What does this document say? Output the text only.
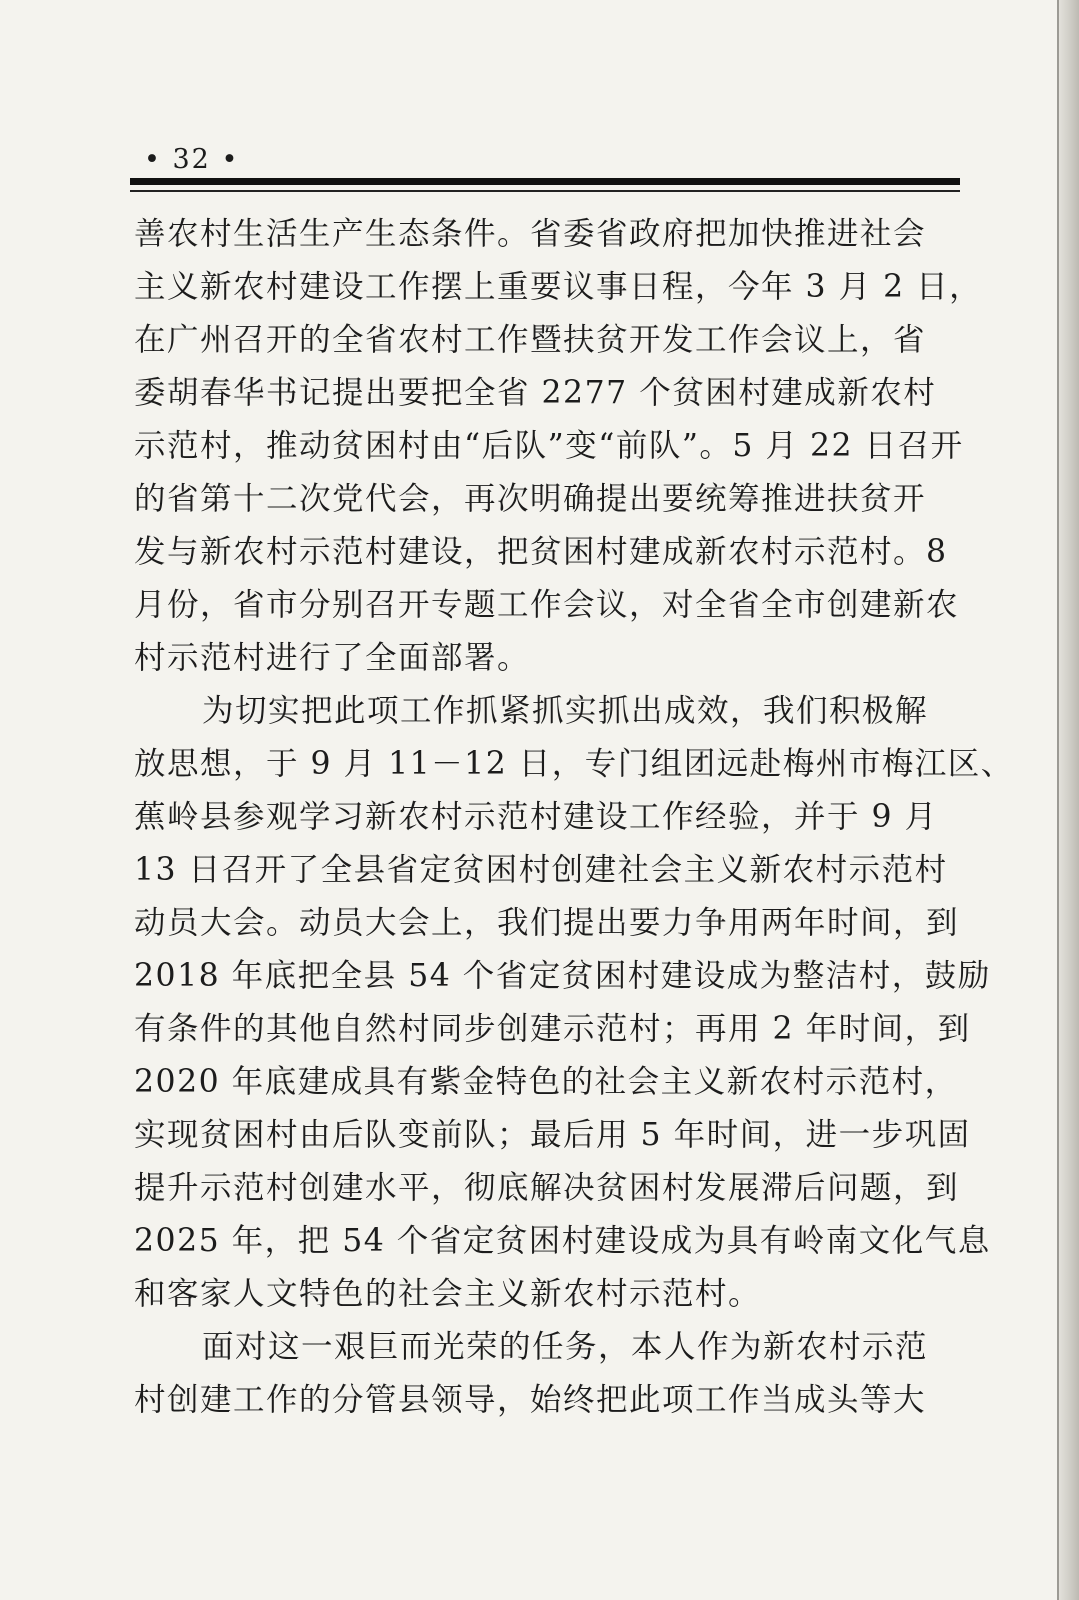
• 32 •
善农村生活生产生态条件。省委省政府把加快推进社会
主义新农村建设工作摆上重要议事日程，今年 3 月 2 日，
在广州召开的全省农村工作暨扶贫开发工作会议上，省
委胡春华书记提出要把全省 2277 个贫困村建成新农村
示范村，推动贫困村由“后队”变“前队”。5 月 22 日召开
的省第十二次党代会，再次明确提出要统筹推进扶贫开
发与新农村示范村建设，把贫困村建成新农村示范村。8
月份，省市分别召开专题工作会议，对全省全市创建新农
村示范村进行了全面部署。
为切实把此项工作抓紧抓实抓出成效，我们积极解
放思想，于 9 月 11－12 日，专门组团远赴梅州市梅江区、
蕉岭县参观学习新农村示范村建设工作经验，并于 9 月
13 日召开了全县省定贫困村创建社会主义新农村示范村
动员大会。动员大会上，我们提出要力争用两年时间，到
2018 年底把全县 54 个省定贫困村建设成为整洁村，鼓励
有条件的其他自然村同步创建示范村；再用 2 年时间，到
2020 年底建成具有紫金特色的社会主义新农村示范村，
实现贫困村由后队变前队；最后用 5 年时间，进一步巩固
提升示范村创建水平，彻底解决贫困村发展滞后问题，到
2025 年，把 54 个省定贫困村建设成为具有岭南文化气息
和客家人文特色的社会主义新农村示范村。
面对这一艰巨而光荣的任务，本人作为新农村示范
村创建工作的分管县领导，始终把此项工作当成头等大
